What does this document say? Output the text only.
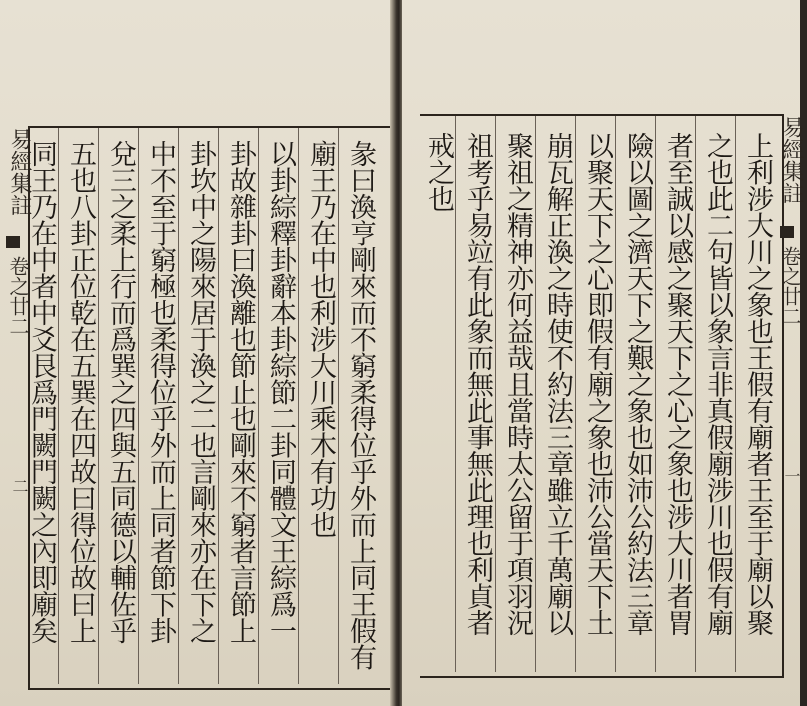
易經集註
卷之廿二
二	彖曰渙亨剛來而不窮柔得位乎外而上同王假有
廟王乃在中也利涉大川乘木有功也
以卦綜釋卦辭本卦綜節二卦同體文王綜爲一
卦故雜卦曰渙離也節止也剛來不窮者言節上
卦坎中之陽來居于渙之二也言剛來亦在下之
中不至于窮極也柔得位乎外而上同者節下卦
兌三之柔上行而爲巽之四與五同德以輔佐乎
五也八卦正位乾在五巽在四故曰得位故曰上
同王乃在中者中爻艮爲門闕門闕之內即廟矣	易經集註
卷之廿二
一
上利涉大川之象也王假有廟者王至于廟以聚
之也此二句皆以象言非真假廟涉川也假有廟
者至誠以感之聚天下之心之象也涉大川者胃
險以圖之濟天下之艱之象也如沛公約法三章
以聚天下之心即假有廟之象也沛公當天下土
崩瓦解正渙之時使不約法三章雖立千萬廟以
聚祖之精神亦何益哉且當時太公留于項羽況
祖考乎易竝有此象而無此事無此理也利貞者
戒之也
